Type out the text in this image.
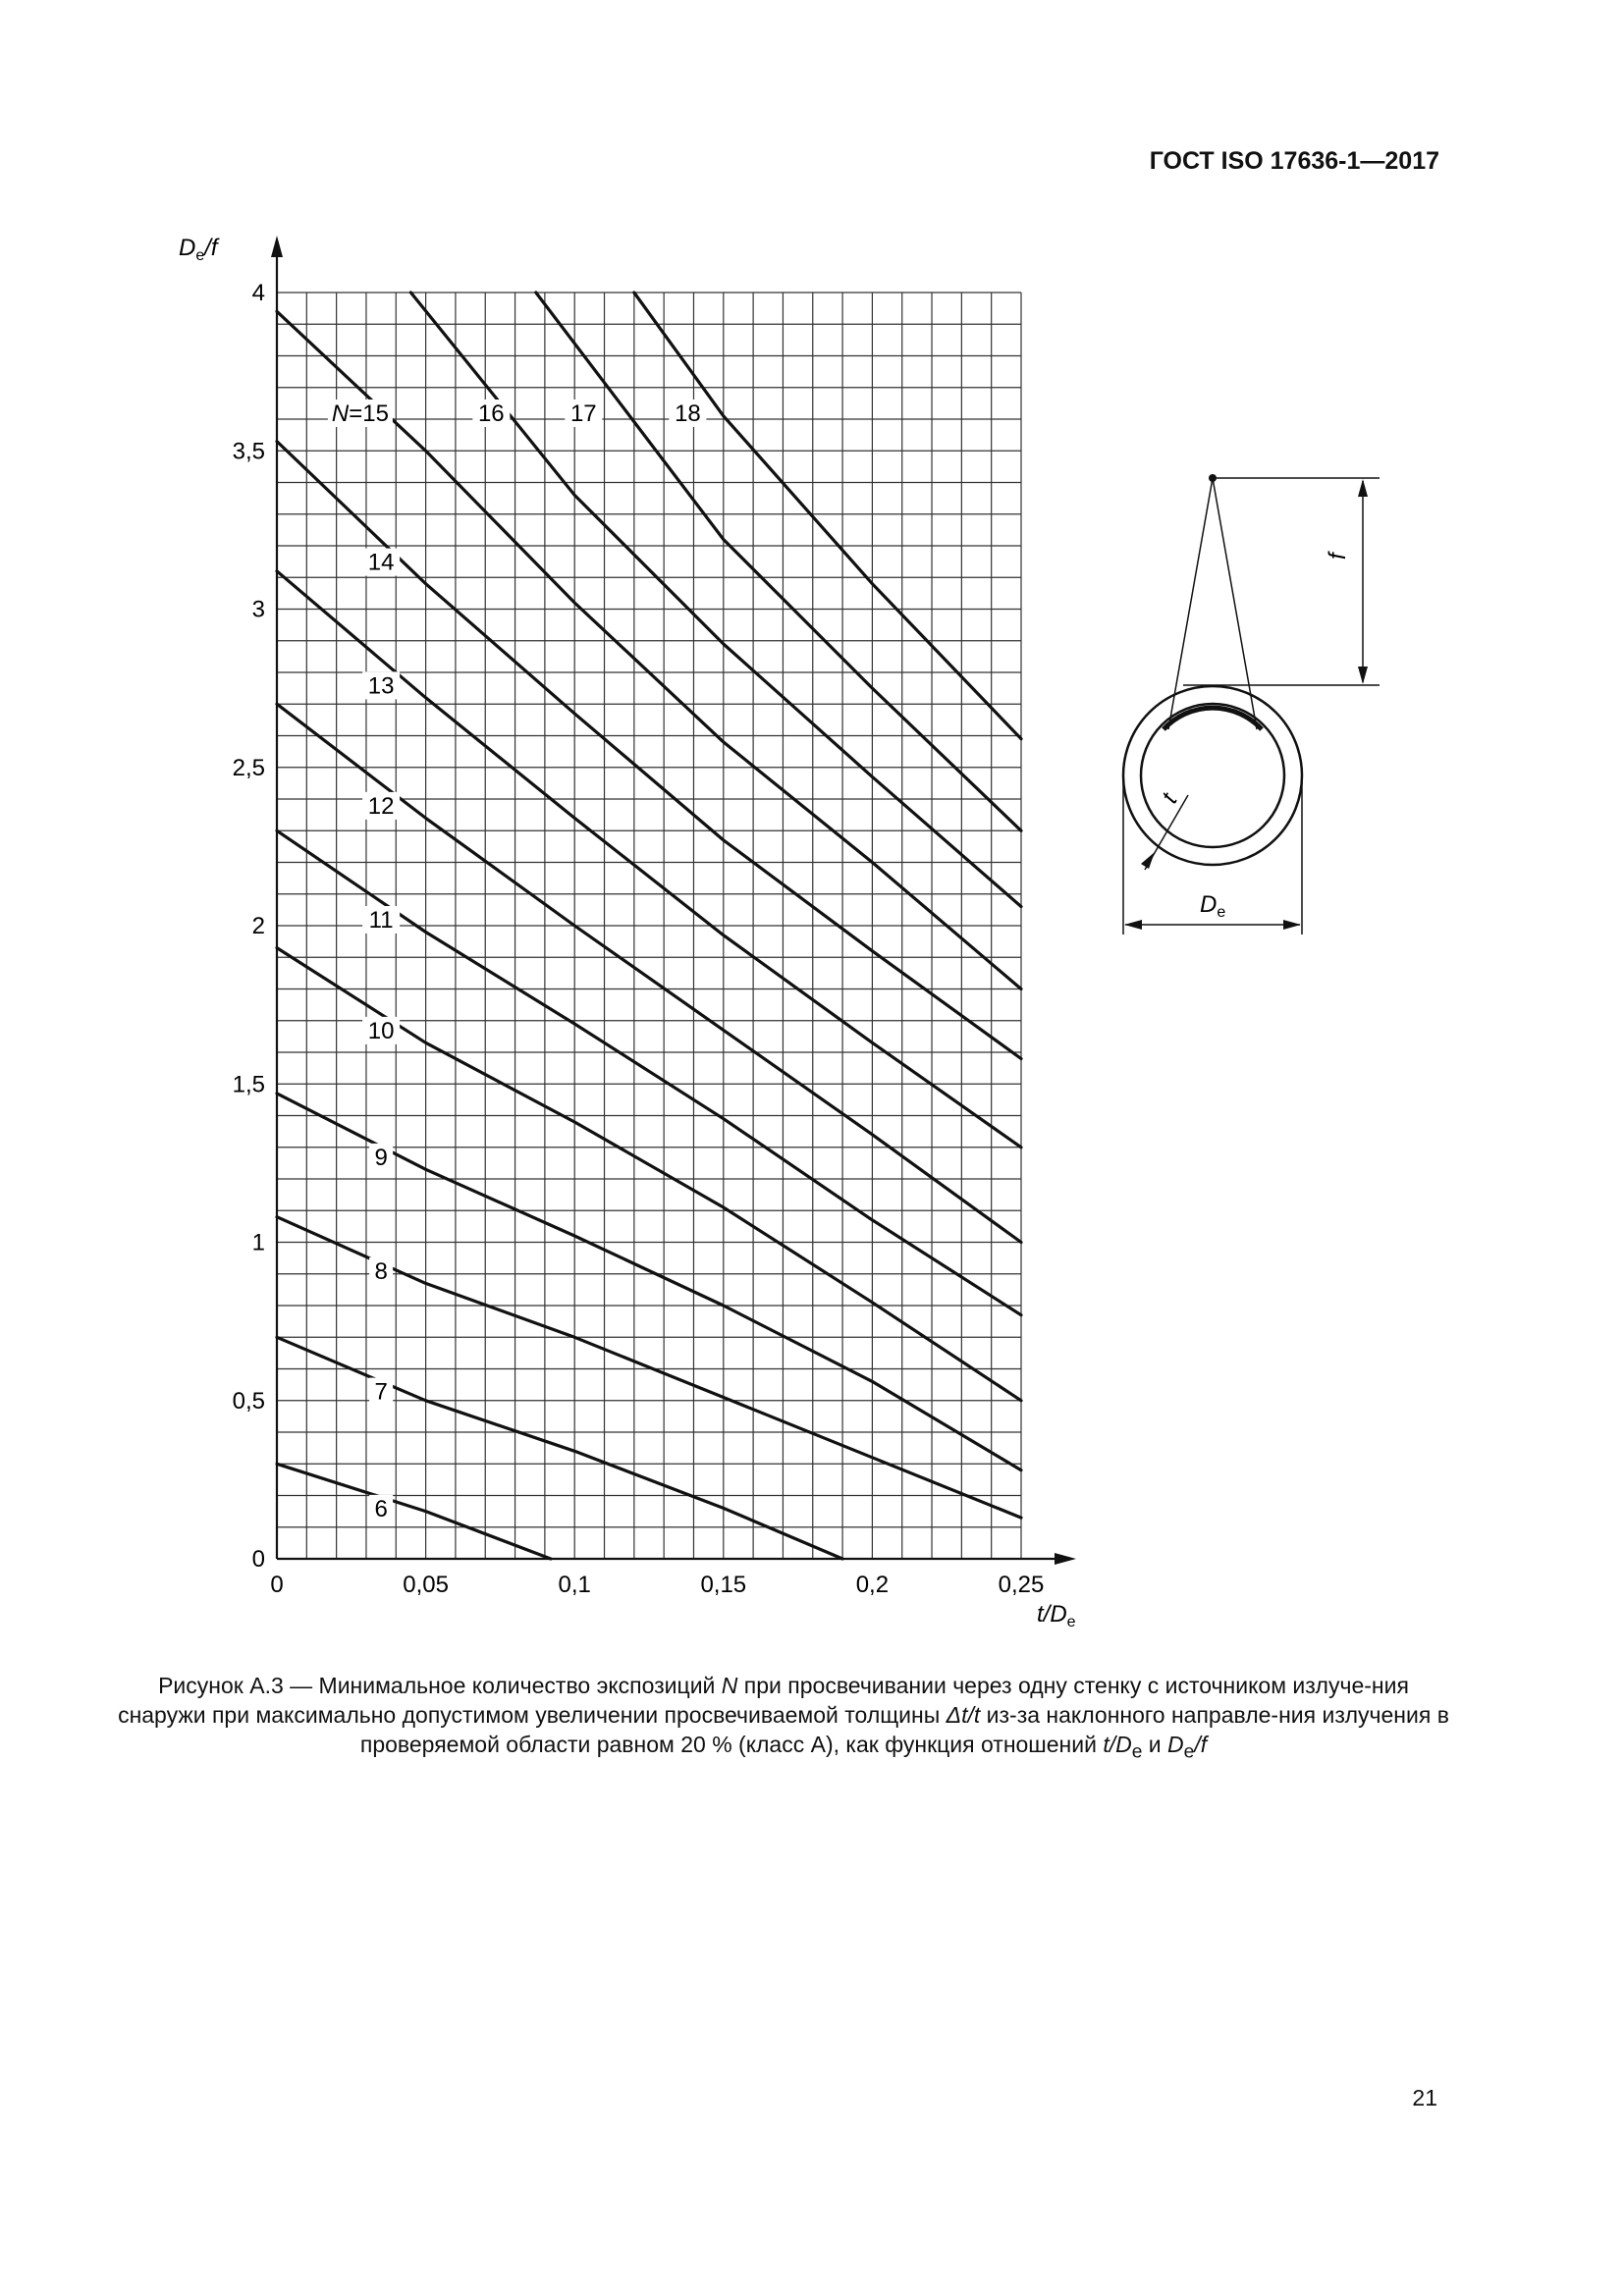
ГОСТ ISO 17636-1—2017
6
7
8
9
10
11
12
13
14
N=15	16	17	18
0
0,5
1
1,5
2
2,5
3
3,5
4
0	0,05	0,1	0,15	0,2	0,25
$D_e/f$
$t/D_e$
f
t
$D_e$
Рисунок А.3 — Минимальное количество экспозиций N при просвечивании через одну стенку с источником излуче-ния снаружи при максимально допустимом увеличении просвечиваемой толщины Δt/t из-за наклонного направле-ния излучения в проверяемой области равном 20 % (класс А), как функция отношений $t/D_e$ и $D_e/f$
21
